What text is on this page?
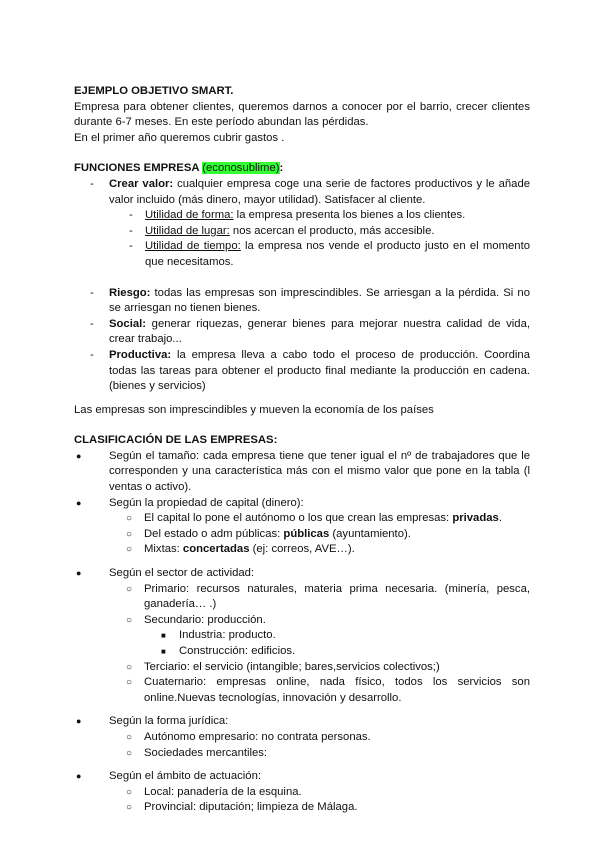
EJEMPLO OBJETIVO SMART.

Empresa para obtener clientes, queremos darnos a conocer por el barrio, crecer clientes durante 6-7 meses. En este período abundan las pérdidas.

En el primer año queremos cubrir gastos .

FUNCIONES EMPRESA (econosublime):

- Crear valor: cualquier empresa coge una serie de factores productivos y le añade valor incluido (más dinero, mayor utilidad). Satisfacer al cliente.
- Utilidad de forma: la empresa presenta los bienes a los clientes.
- Utilidad de lugar: nos acercan el producto, más accesible.
- Utilidad de tiempo: la empresa nos vende el producto justo en el momento que necesitamos.
- Riesgo: todas las empresas son imprescindibles. Se arriesgan a la pérdida. Si no se arriesgan no tienen bienes.
- Social: generar riquezas, generar bienes para mejorar nuestra calidad de vida, crear trabajo...
- Productiva: la empresa lleva a cabo todo el proceso de producción. Coordina todas las tareas para obtener el producto final mediante la producción en cadena. (bienes y servicios)

Las empresas son imprescindibles y mueven la economía de los países

CLASIFICACIÓN DE LAS EMPRESAS:

● Según el tamaño: cada empresa tiene que tener igual el nº de trabajadores que le corresponden y una característica más con el mismo valor que pone en la tabla (l ventas o activo).
● Según la propiedad de capital (dinero):
○ El capital lo pone el autónomo o los que crean las empresas: privadas.
○ Del estado o adm públicas: públicas (ayuntamiento).
○ Mixtas: concertadas (ej: correos, AVE…).
● Según el sector de actividad:
○ Primario: recursos naturales, materia prima necesaria. (minería, pesca, ganadería… .)
○ Secundario: producción.
■ Industria: producto.
■ Construcción: edificios.
○ Terciario: el servicio (intangible; bares,servicios colectivos;)
○ Cuaternario: empresas online, nada físico, todos los servicios son online.Nuevas tecnologías, innovación y desarrollo.
● Según la forma jurídica:
○ Autónomo empresario: no contrata personas.
○ Sociedades mercantiles:
● Según el ámbito de actuación:
○ Local: panadería de la esquina.
○ Provincial: diputación; limpieza de Málaga.
